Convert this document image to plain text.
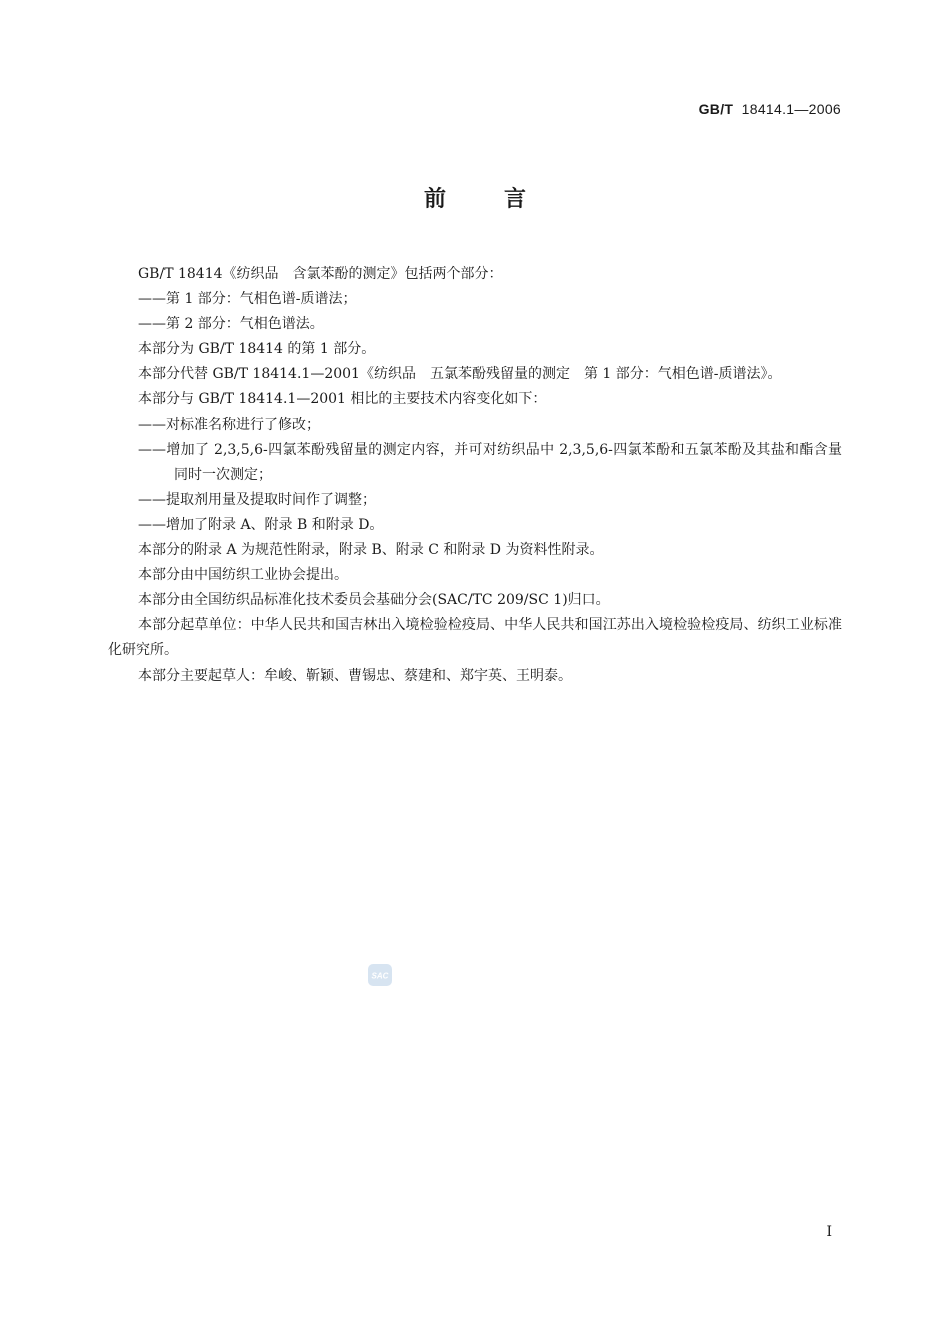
GB/T 18414.1—2006
前言

GB/T 18414《纺织品　含氯苯酚的测定》包括两个部分：

——第 1 部分：气相色谱-质谱法；

——第 2 部分：气相色谱法。

本部分为 GB/T 18414 的第 1 部分。

本部分代替 GB/T 18414.1—2001《纺织品　五氯苯酚残留量的测定　第 1 部分：气相色谱-质谱法》。

本部分与 GB/T 18414.1—2001 相比的主要技术内容变化如下：

——对标准名称进行了修改；

——增加了 2,3,5,6-四氯苯酚残留量的测定内容，并可对纺织品中 2,3,5,6-四氯苯酚和五氯苯酚及其盐和酯含量同时一次测定；

——提取剂用量及提取时间作了调整；

——增加了附录 A、附录 B 和附录 D。

本部分的附录 A 为规范性附录，附录 B、附录 C 和附录 D 为资料性附录。

本部分由中国纺织工业协会提出。

本部分由全国纺织品标准化技术委员会基础分会(SAC/TC 209/SC 1)归口。

本部分起草单位：中华人民共和国吉林出入境检验检疫局、中华人民共和国江苏出入境检验检疫局、纺织工业标准化研究所。

本部分主要起草人：牟峻、靳颖、曹锡忠、蔡建和、郑宇英、王明泰。

SAC
I
